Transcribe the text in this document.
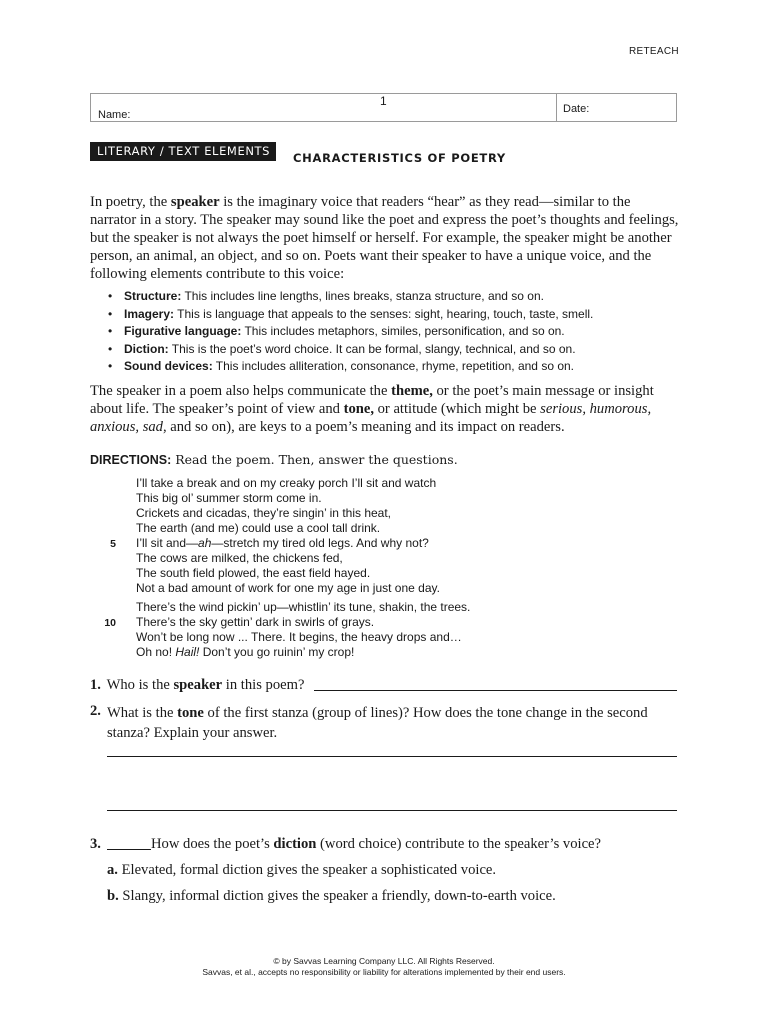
RETEACH
Name:
1
Date:
LITERARY / TEXT ELEMENTS	CHARACTERISTICS OF POETRY
In poetry, the speaker is the imaginary voice that readers “hear” as they read—similar to the narrator in a story. The speaker may sound like the poet and express the poet’s thoughts and feelings, but the speaker is not always the poet himself or herself. For example, the speaker might be another person, an animal, an object, and so on. Poets want their speaker to have a unique voice, and the following elements contribute to this voice:
• Structure: This includes line lengths, lines breaks, stanza structure, and so on.
• Imagery: This is language that appeals to the senses: sight, hearing, touch, taste, smell.
• Figurative language: This includes metaphors, similes, personification, and so on.
• Diction: This is the poet’s word choice. It can be formal, slangy, technical, and so on.
• Sound devices: This includes alliteration, consonance, rhyme, repetition, and so on.
The speaker in a poem also helps communicate the theme, or the poet’s main message or insight about life. The speaker’s point of view and tone, or attitude (which might be serious, humorous, anxious, sad, and so on), are keys to a poem’s meaning and its impact on readers.
DIRECTIONS: Read the poem. Then, answer the questions.
I’ll take a break and on my creaky porch I’ll sit and watch
This big ol’ summer storm come in.
Crickets and cicadas, they’re singin’ in this heat,
The earth (and me) could use a cool tall drink.
5 I’ll sit and—ah—stretch my tired old legs. And why not?
The cows are milked, the chickens fed,
The south field plowed, the east field hayed.
Not a bad amount of work for one my age in just one day.
There’s the wind pickin’ up—whistlin’ its tune, shakin, the trees.
10 There’s the sky gettin’ dark in swirls of grays.
Won’t be long now ... There. It begins, the heavy drops and…
Oh no! Hail! Don’t you go ruinin’ my crop!
1. Who is the speaker in this poem?
2. What is the tone of the first stanza (group of lines)? How does the tone change in the second stanza? Explain your answer.
3.	How does the poet’s diction (word choice) contribute to the speaker’s voice?
a. Elevated, formal diction gives the speaker a sophisticated voice.
b. Slangy, informal diction gives the speaker a friendly, down-to-earth voice.
© by Savvas Learning Company LLC. All Rights Reserved.
Savvas, et al., accepts no responsibility or liability for alterations implemented by their end users.
